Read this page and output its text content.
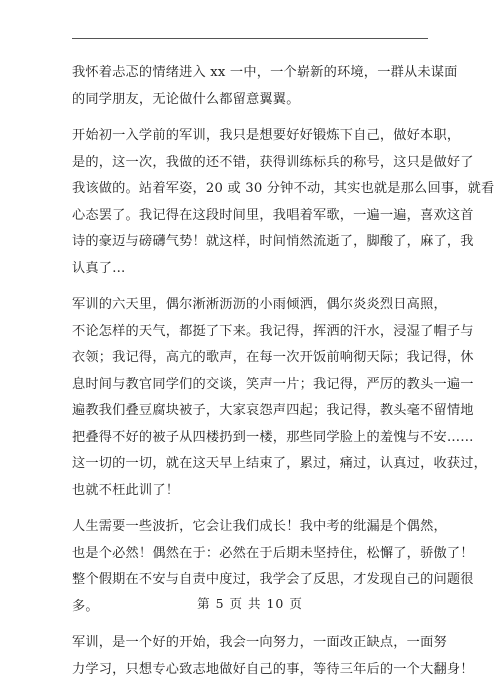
我怀着忐忑的情绪进入 xx 一中，一个崭新的环境，一群从未谋面
的同学朋友，无论做什么都留意翼翼。

开始初一入学前的军训，我只是想要好好锻炼下自己，做好本职，
是的，这一次，我做的还不错，获得训练标兵的称号，这只是做好了
我该做的。站着军姿，20 或 30 分钟不动，其实也就是那么回事，就看
心态罢了。我记得在这段时间里，我唱着军歌，一遍一遍，喜欢这首
诗的豪迈与磅礴气势！就这样，时间悄然流逝了，脚酸了，麻了，我
认真了…

军训的六天里，偶尔淅淅沥沥的小雨倾洒，偶尔炎炎烈日高照，
不论怎样的天气，都挺了下来。我记得，挥洒的汗水，浸湿了帽子与
衣领；我记得，高亢的歌声，在每一次开饭前响彻天际；我记得，休
息时间与教官同学们的交谈，笑声一片；我记得，严厉的教头一遍一
遍教我们叠豆腐块被子，大家哀怨声四起；我记得，教头毫不留情地
把叠得不好的被子从四楼扔到一楼，那些同学脸上的羞愧与不安……
这一切的一切，就在这天早上结束了，累过，痛过，认真过，收获过，
也就不枉此训了！

人生需要一些波折，它会让我们成长！我中考的纰漏是个偶然，
也是个必然！偶然在于：必然在于后期未坚持住，松懈了，骄傲了！
整个假期在不安与自责中度过，我学会了反思，才发现自己的问题很
多。

军训，是一个好的开始，我会一向努力，一面改正缺点，一面努
力学习，只想专心致志地做好自己的事，等待三年后的一个大翻身！

第 5 页 共 10 页
